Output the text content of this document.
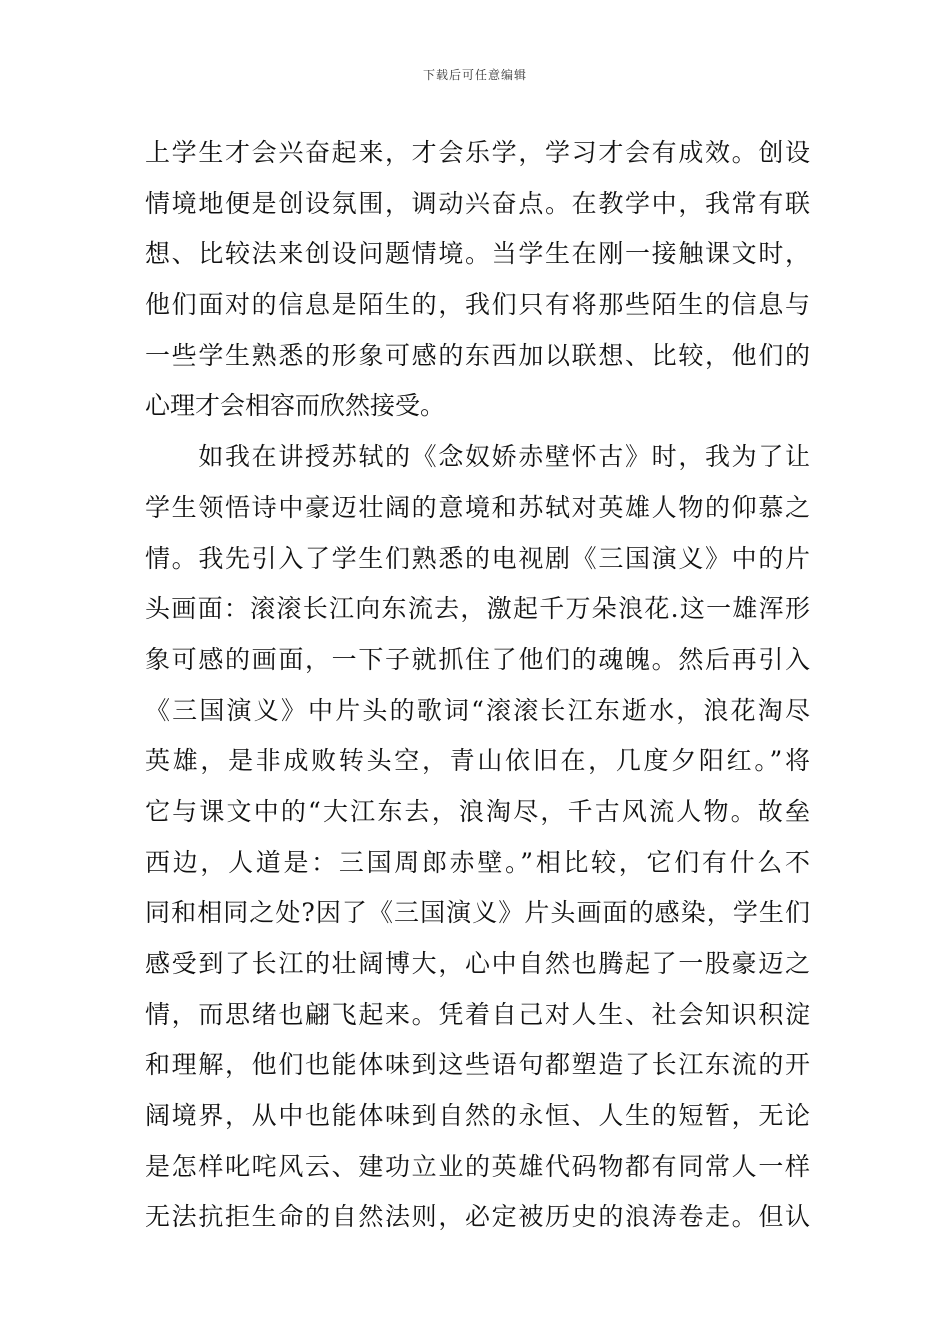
下载后可任意编辑
上学生才会兴奋起来，才会乐学，学习才会有成效。创设
情境地便是创设氛围，调动兴奋点。在教学中，我常有联
想、比较法来创设问题情境。当学生在刚一接触课文时，
他们面对的信息是陌生的，我们只有将那些陌生的信息与
一些学生熟悉的形象可感的东西加以联想、比较，他们的
心理才会相容而欣然接受。
　　如我在讲授苏轼的《念奴娇赤壁怀古》时，我为了让
学生领悟诗中豪迈壮阔的意境和苏轼对英雄人物的仰慕之
情。我先引入了学生们熟悉的电视剧《三国演义》中的片
头画面：滚滚长江向东流去，激起千万朵浪花.这一雄浑形
象可感的画面，一下子就抓住了他们的魂魄。然后再引入
《三国演义》中片头的歌词“滚滚长江东逝水，浪花淘尽
英雄，是非成败转头空，青山依旧在，几度夕阳红。”将
它与课文中的“大江东去，浪淘尽，千古风流人物。故垒
西边，人道是：三国周郎赤壁。”相比较，它们有什么不
同和相同之处?因了《三国演义》片头画面的感染，学生们
感受到了长江的壮阔博大，心中自然也腾起了一股豪迈之
情，而思绪也翩飞起来。凭着自己对人生、社会知识积淀
和理解，他们也能体味到这些语句都塑造了长江东流的开
阔境界，从中也能体味到自然的永恒、人生的短暂，无论
是怎样叱咤风云、建功立业的英雄代码物都有同常人一样
无法抗拒生命的自然法则，必定被历史的浪涛卷走。但认
